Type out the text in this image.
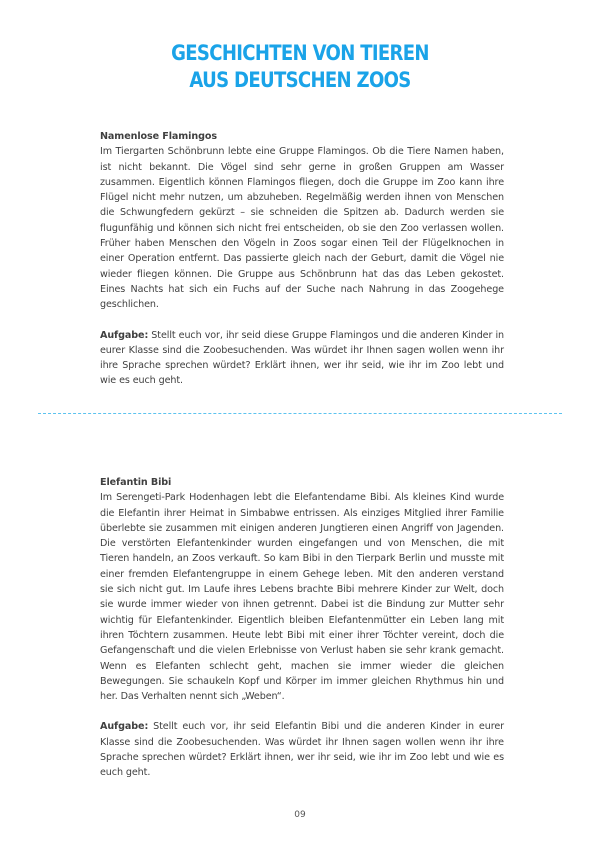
GESCHICHTEN VON TIEREN
AUS DEUTSCHEN ZOOS
Namenlose Flamingos
Im Tiergarten Schönbrunn lebte eine Gruppe Flamingos. Ob die Tiere Namen haben, ist nicht bekannt. Die Vögel sind sehr gerne in großen Gruppen am Wasser zusammen. Eigentlich können Flamingos fliegen, doch die Gruppe im Zoo kann ihre Flügel nicht mehr nutzen, um abzuheben. Regelmäßig werden ihnen von Menschen die Schwungfedern gekürzt – sie schneiden die Spitzen ab. Dadurch werden sie flugunfähig und können sich nicht frei entscheiden, ob sie den Zoo verlassen wollen. Früher haben Menschen den Vögeln in Zoos sogar einen Teil der Flügelknochen in einer Operation entfernt. Das passierte gleich nach der Geburt, damit die Vögel nie wieder fliegen können. Die Gruppe aus Schönbrunn hat das das Leben gekostet. Eines Nachts hat sich ein Fuchs auf der Suche nach Nahrung in das Zoogehege geschlichen.
Aufgabe: Stellt euch vor, ihr seid diese Gruppe Flamingos und die anderen Kinder in eurer Klasse sind die Zoobesuchenden. Was würdet ihr Ihnen sagen wollen wenn ihr ihre Sprache sprechen würdet? Erklärt ihnen, wer ihr seid, wie ihr im Zoo lebt und wie es euch geht.
Elefantin Bibi
Im Serengeti-Park Hodenhagen lebt die Elefantendame Bibi. Als kleines Kind wurde die Elefantin ihrer Heimat in Simbabwe entrissen. Als einziges Mitglied ihrer Familie überlebte sie zusammen mit einigen anderen Jungtieren einen Angriff von Jagenden. Die verstörten Elefantenkinder wurden eingefangen und von Menschen, die mit Tieren handeln, an Zoos verkauft. So kam Bibi in den Tierpark Berlin und musste mit einer fremden Elefantengruppe in einem Gehege leben. Mit den anderen verstand sie sich nicht gut. Im Laufe ihres Lebens brachte Bibi mehrere Kinder zur Welt, doch sie wurde immer wieder von ihnen getrennt. Dabei ist die Bindung zur Mutter sehr wichtig für Elefantenkinder. Eigentlich bleiben Elefantenmütter ein Leben lang mit ihren Töchtern zusammen. Heute lebt Bibi mit einer ihrer Töchter vereint, doch die Gefangenschaft und die vielen Erlebnisse von Verlust haben sie sehr krank gemacht. Wenn es Elefanten schlecht geht, machen sie immer wieder die gleichen Bewegungen. Sie schaukeln Kopf und Körper im immer gleichen Rhythmus hin und her. Das Verhalten nennt sich „Weben“.
Aufgabe: Stellt euch vor, ihr seid Elefantin Bibi und die anderen Kinder in eurer Klasse sind die Zoobesuchenden. Was würdet ihr Ihnen sagen wollen wenn ihr ihre Sprache sprechen würdet? Erklärt ihnen, wer ihr seid, wie ihr im Zoo lebt und wie es euch geht.
09
